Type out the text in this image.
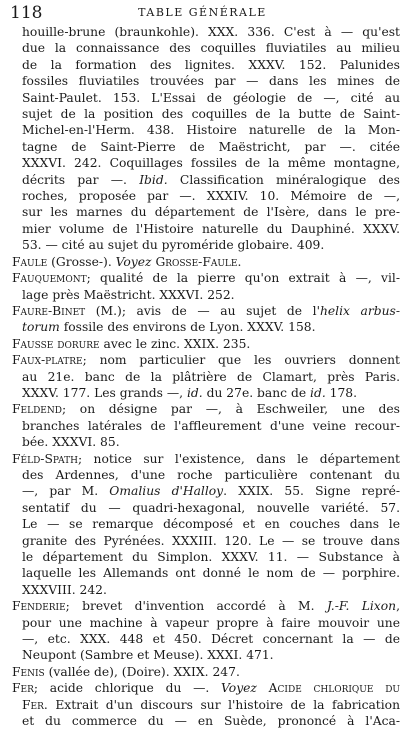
118	TABLE GÉNÉRALE
houille-brune (braunkohle). XXX. 336. C'est à — qu'est
due la connaissance des coquilles fluviatiles au milieu
de la formation des lignites. XXXV. 152. Palunides
fossiles fluviatiles trouvées par — dans les mines de
Saint-Paulet. 153. L'Essai de géologie de —, cité au
sujet de la position des coquilles de la butte de Saint-
Michel-en-l'Herm. 438. Histoire naturelle de la Mon-
tagne de Saint-Pierre de Maëstricht, par —. citée
XXXVI. 242. Coquillages fossiles de la même montagne,
décrits par —. Ibid. Classification minéralogique des
roches, proposée par —. XXXIV. 10. Mémoire de —,
sur les marnes du département de l'Isère, dans le pre-
mier volume de l'Histoire naturelle du Dauphiné. XXXV.
53. — cité au sujet du pyroméride globaire. 409.
Faule (Grosse-). Voyez Grosse-Faule.
Fauquemont; qualité de la pierre qu'on extrait à —, vil-
lage près Maëstricht. XXXVI. 252.
Faure-Binet (M.); avis de — au sujet de l'helix arbus-
torum fossile des environs de Lyon. XXXV. 158.
Fausse dorure avec le zinc. XXIX. 235.
Faux-platre; nom particulier que les ouvriers donnent
au 21e. banc de la plâtrière de Clamart, près Paris.
XXXV. 177. Les grands —, id. du 27e. banc de id. 178.
Feldend; on désigne par —, à Eschweiler, une des
branches latérales de l'affleurement d'une veine recour-
bée. XXXVI. 85.
Féld-Spath; notice sur l'existence, dans le département
des Ardennes, d'une roche particulière contenant du
—, par M. Omalius d'Halloy. XXIX. 55. Signe repré-
sentatif du — quadri-hexagonal, nouvelle variété. 57.
Le — se remarque décomposé et en couches dans le
granite des Pyrénées. XXXIII. 120. Le — se trouve dans
le département du Simplon. XXXV. 11. — Substance à
laquelle les Allemands ont donné le nom de — porphire.
XXXVIII. 242.
Fenderie; brevet d'invention accordé à M. J.-F. Lixon,
pour une machine à vapeur propre à faire mouvoir une
—, etc. XXX. 448 et 450. Décret concernant la — de
Neupont (Sambre et Meuse). XXXI. 471.
Fenis (vallée de), (Doire). XXIX. 247.
Fer; acide chlorique du —. Voyez Acide chlorique du
Fer. Extrait d'un discours sur l'histoire de la fabrication
et du commerce du — en Suède, prononcé à l'Aca-
